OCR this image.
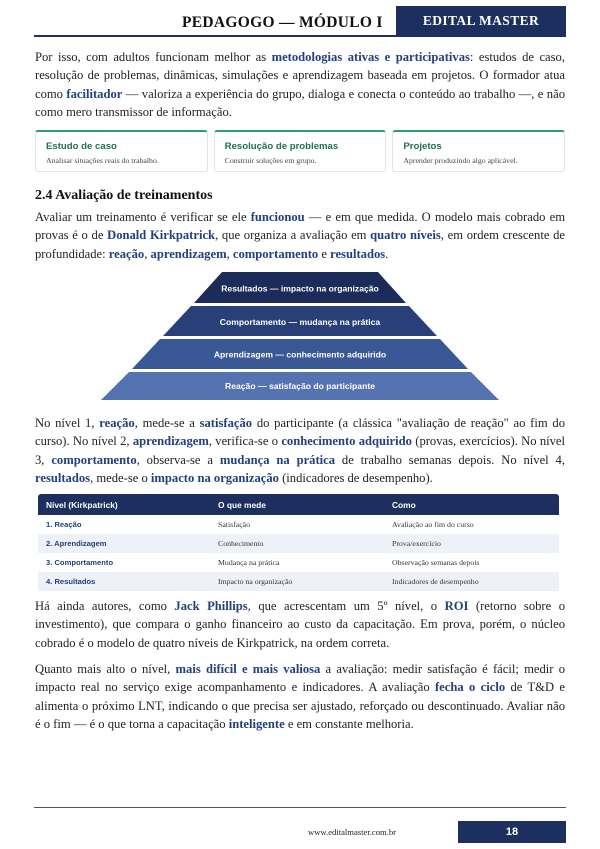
PEDAGOGO — MÓDULO I	EDITAL MASTER

Por isso, com adultos funcionam melhor as metodologias ativas e participativas: estudos de caso, resolução de problemas, dinâmicas, simulações e aprendizagem baseada em projetos. O formador atua como facilitador — valoriza a experiência do grupo, dialoga e conecta o conteúdo ao trabalho —, e não como mero transmissor de informação.

Estudo de caso
Analisar situações reais do trabalho.
Resolução de problemas
Construir soluções em grupo.
Projetos
Aprender produzindo algo aplicável.
2.4 Avaliação de treinamentos

Avaliar um treinamento é verificar se ele funcionou — e em que medida. O modelo mais cobrado em provas é o de Donald Kirkpatrick, que organiza a avaliação em quatro níveis, em ordem crescente de profundidade: reação, aprendizagem, comportamento e resultados.

Resultados — impacto na organização
Comportamento — mudança na prática
Aprendizagem — conhecimento adquirido
Reação — satisfação do participante

No nível 1, reação, mede-se a satisfação do participante (a clássica "avaliação de reação" ao fim do curso). No nível 2, aprendizagem, verifica-se o conhecimento adquirido (provas, exercícios). No nível 3, comportamento, observa-se a mudança na prática de trabalho semanas depois. No nível 4, resultados, mede-se o impacto na organização (indicadores de desempenho).

Nível (Kirkpatrick)	O que mede	Como
1. Reação	Satisfação	Avaliação ao fim do curso
2. Aprendizagem	Conhecimento	Prova/exercício
3. Comportamento	Mudança na prática	Observação semanas depois
4. Resultados	Impacto na organização	Indicadores de desempenho

Há ainda autores, como Jack Phillips, que acrescentam um 5º nível, o ROI (retorno sobre o investimento), que compara o ganho financeiro ao custo da capacitação. Em prova, porém, o núcleo cobrado é o modelo de quatro níveis de Kirkpatrick, na ordem correta.

Quanto mais alto o nível, mais difícil e mais valiosa a avaliação: medir satisfação é fácil; medir o impacto real no serviço exige acompanhamento e indicadores. A avaliação fecha o ciclo de T&D e alimenta o próximo LNT, indicando o que precisa ser ajustado, reforçado ou descontinuado. Avaliar não é o fim — é o que torna a capacitação inteligente e em constante melhoria.

www.editalmaster.com.br	18
